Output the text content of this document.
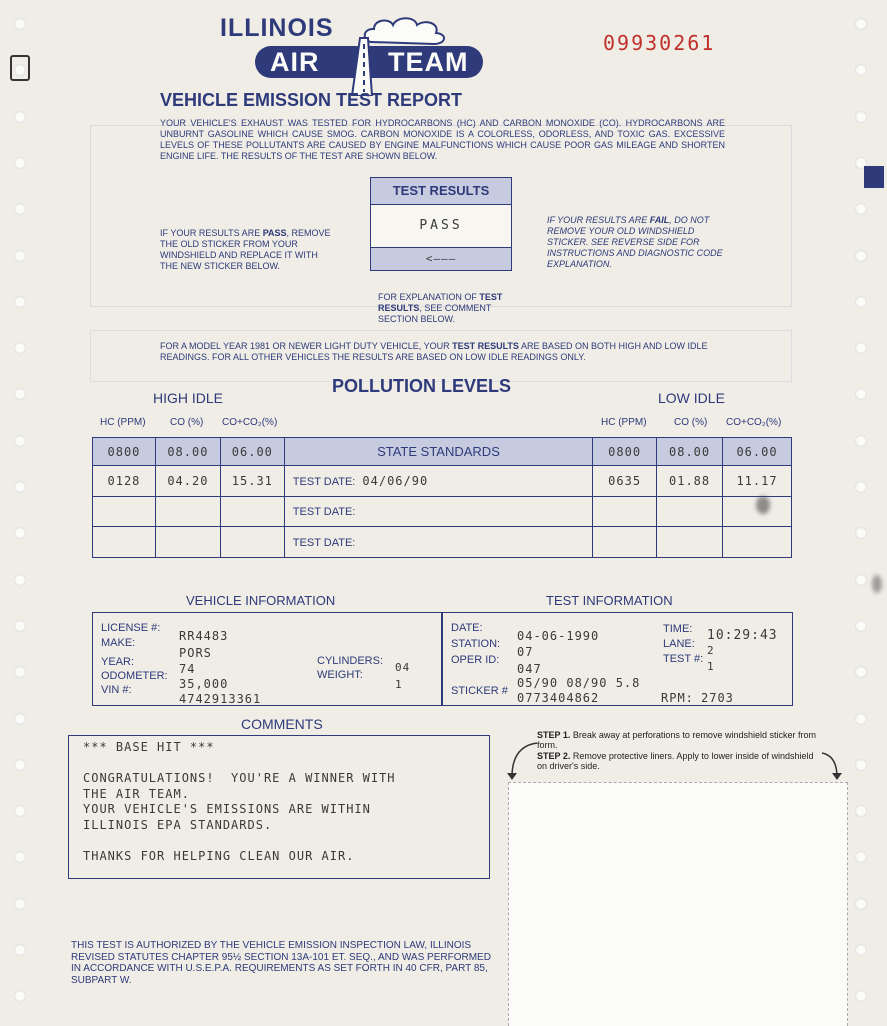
ILLINOIS
AIR	TEAM
09930261
VEHICLE EMISSION TEST REPORT
YOUR VEHICLE'S EXHAUST WAS TESTED FOR HYDROCARBONS (HC) AND CARBON MONOXIDE (CO). HYDROCARBONS ARE UNBURNT GASOLINE WHICH CAUSE SMOG. CARBON MONOXIDE IS A COLORLESS, ODORLESS, AND TOXIC GAS. EXCESSIVE LEVELS OF THESE POLLUTANTS ARE CAUSED BY ENGINE MALFUNCTIONS WHICH CAUSE POOR GAS MILEAGE AND SHORTEN ENGINE LIFE. THE RESULTS OF THE TEST ARE SHOWN BELOW.
TEST RESULTS
PASS
<———
IF YOUR RESULTS ARE PASS, REMOVE THE OLD STICKER FROM YOUR WINDSHIELD AND REPLACE IT WITH THE NEW STICKER BELOW.
IF YOUR RESULTS ARE FAIL, DO NOT REMOVE YOUR OLD WINDSHIELD STICKER. SEE REVERSE SIDE FOR INSTRUCTIONS AND DIAGNOSTIC CODE EXPLANATION.
FOR EXPLANATION OF TEST RESULTS, SEE COMMENT SECTION BELOW.
FOR A MODEL YEAR 1981 OR NEWER LIGHT DUTY VEHICLE, YOUR TEST RESULTS ARE BASED ON BOTH HIGH AND LOW IDLE READINGS. FOR ALL OTHER VEHICLES THE RESULTS ARE BASED ON LOW IDLE READINGS ONLY.
POLLUTION LEVELS
HIGH IDLE	LOW IDLE
HC (PPM) CO (%) CO+CO₂(%)	HC (PPM)	CO (%) CO+CO₂(%)
0800	08.00	06.00	STATE STANDARDS	0800	08.00	06.00
0128	04.20	15.31	TEST DATE: 04/06/90	0635	01.88	11.17
			TEST DATE:			
			TEST DATE:			
VEHICLE INFORMATION	TEST INFORMATION
LICENSE #:
RR4483
MAKE:
PORS
YEAR:	74
ODOMETER:
35,000
VIN #:
4742913361
CYLINDERS: 04
WEIGHT:
1
DATE:
04-06-1990
STATION:
07
OPER ID:
047
STICKER #
05/90 08/90 5.8
0773404862
TIME: 10:29:43
LANE: 2
TEST #:
1
RPM: 2703
COMMENTS
*** BASE HIT ***

CONGRATULATIONS!  YOU'RE A WINNER WITH
THE AIR TEAM.
YOUR VEHICLE'S EMISSIONS ARE WITHIN
ILLINOIS EPA STANDARDS.

THANKS FOR HELPING CLEAN OUR AIR.
STEP 1. Break away at perforations to remove windshield sticker from form.
STEP 2. Remove protective liners. Apply to lower inside of windshield on driver's side.
THIS TEST IS AUTHORIZED BY THE VEHICLE EMISSION INSPECTION LAW, ILLINOIS REVISED STATUTES CHAPTER 95½ SECTION 13A-101 ET. SEQ., AND WAS PERFORMED IN ACCORDANCE WITH U.S.E.P.A. REQUIREMENTS AS SET FORTH IN 40 CFR, PART 85, SUBPART W.
